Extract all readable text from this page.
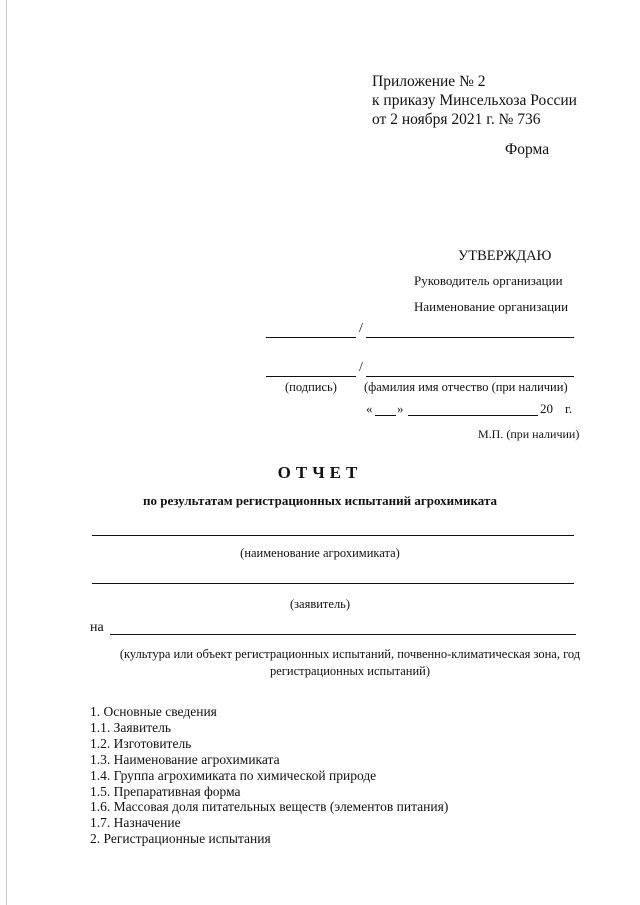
Приложение № 2
к приказу Минсельхоза России
от 2 ноября 2021 г. № 736
Форма
УТВЕРЖДАЮ
Руководитель организации
Наименование организации
/
/
(подпись) (фамилия имя отчество (при наличии)
« »	20 г.
М.П. (при наличии)
ОТЧЕТ
по результатам регистрационных испытаний агрохимиката
(наименование агрохимиката)
(заявитель)
на
(культура или объект регистрационных испытаний, почвенно-климатическая зона, год
регистрационных испытаний)
1. Основные сведения
1.1. Заявитель
1.2. Изготовитель
1.3. Наименование агрохимиката
1.4. Группа агрохимиката по химической природе
1.5. Препаративная форма
1.6. Массовая доля питательных веществ (элементов питания)
1.7. Назначение
2. Регистрационные испытания
